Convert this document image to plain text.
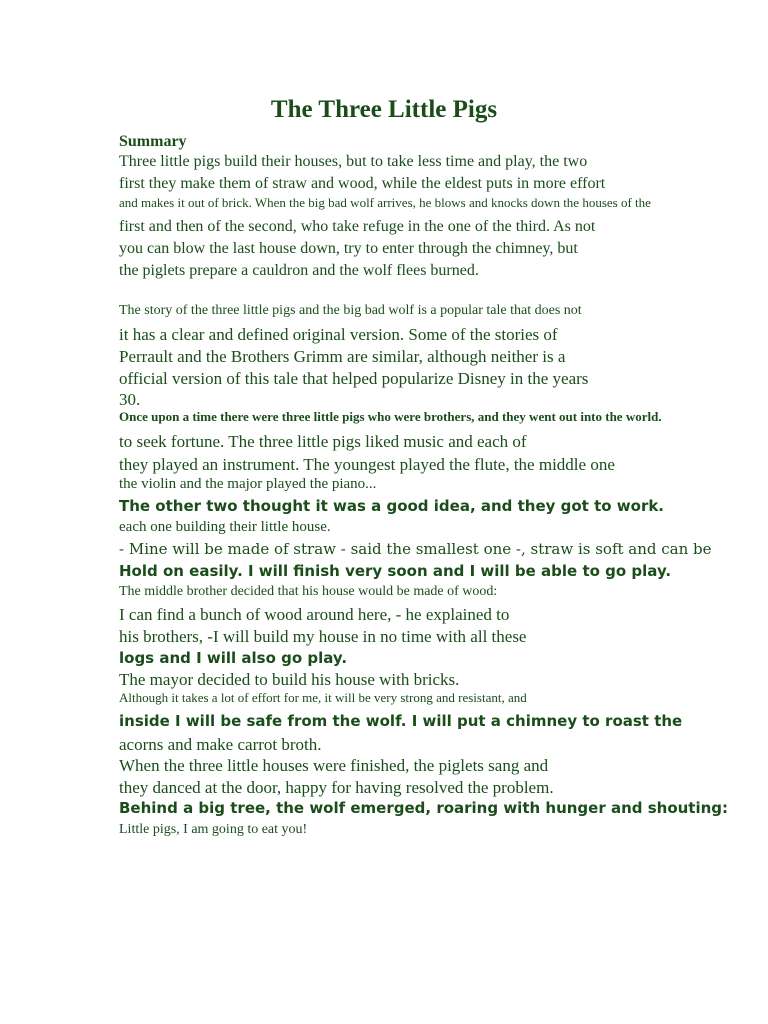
The Three Little Pigs
Summary
Three little pigs build their houses, but to take less time and play, the two
first they make them of straw and wood, while the eldest puts in more effort
and makes it out of brick. When the big bad wolf arrives, he blows and knocks down the houses of the
first and then of the second, who take refuge in the one of the third. As not
you can blow the last house down, try to enter through the chimney, but
the piglets prepare a cauldron and the wolf flees burned.
The story of the three little pigs and the big bad wolf is a popular tale that does not
it has a clear and defined original version. Some of the stories of
Perrault and the Brothers Grimm are similar, although neither is a
official version of this tale that helped popularize Disney in the years
30.
Once upon a time there were three little pigs who were brothers, and they went out into the world.
to seek fortune. The three little pigs liked music and each of
they played an instrument. The youngest played the flute, the middle one
the violin and the major played the piano...
The other two thought it was a good idea, and they got to work.
each one building their little house.
- Mine will be made of straw - said the smallest one -, straw is soft and can be
Hold on easily. I will finish very soon and I will be able to go play.
The middle brother decided that his house would be made of wood:
I can find a bunch of wood around here, - he explained to
his brothers, -I will build my house in no time with all these
logs and I will also go play.
The mayor decided to build his house with bricks.
Although it takes a lot of effort for me, it will be very strong and resistant, and
inside I will be safe from the wolf. I will put a chimney to roast the
acorns and make carrot broth.
When the three little houses were finished, the piglets sang and
they danced at the door, happy for having resolved the problem.
Behind a big tree, the wolf emerged, roaring with hunger and shouting:
Little pigs, I am going to eat you!
